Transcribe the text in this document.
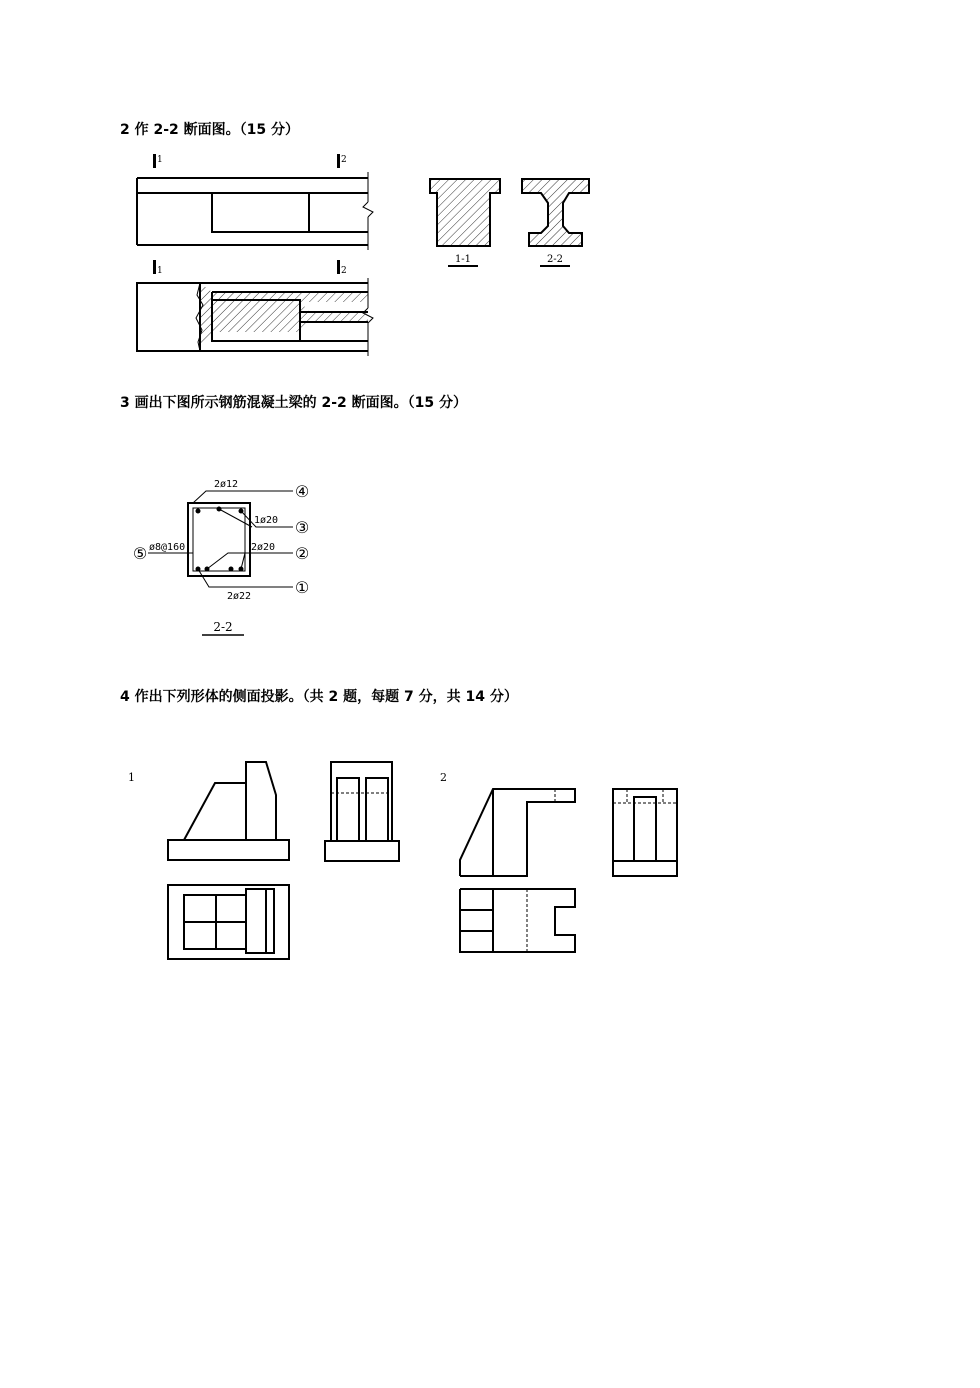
2 作 2-2 断面图。（15 分）
3 画出下图所示钢筋混凝土梁的 2-2 断面图。（15 分）
4 作出下列形体的侧面投影。（共 2 题，每题 7 分，共 14 分）
1	2
1	2
1-1	2-2
2ø12
1ø20
2ø20
2ø22
ø8@160
④
③
②
①
⑤
2-2
1	2
